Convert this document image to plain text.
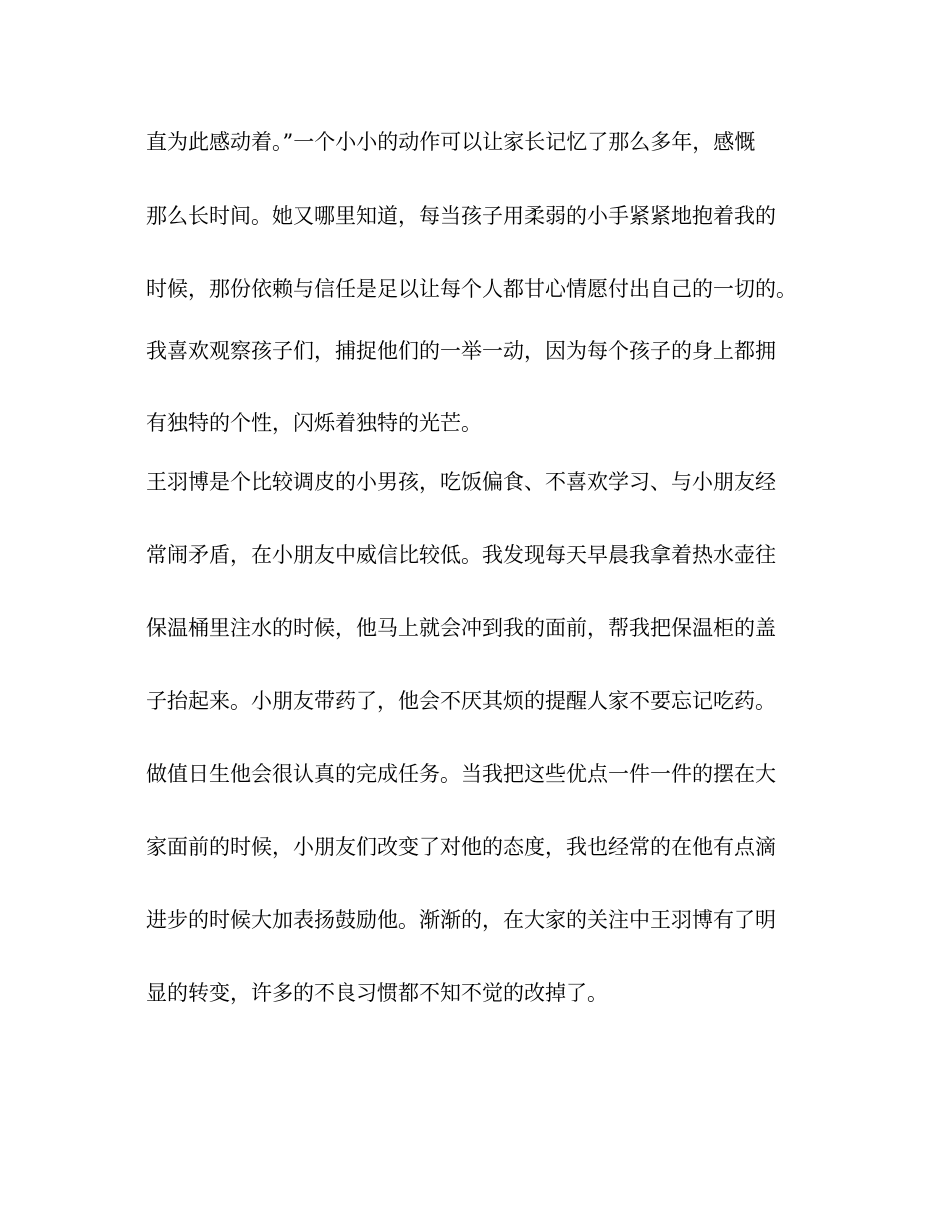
直为此感动着。”一个小小的动作可以让家长记忆了那么多年，感慨

那么长时间。她又哪里知道，每当孩子用柔弱的小手紧紧地抱着我的

时候，那份依赖与信任是足以让每个人都甘心情愿付出自己的一切的。

我喜欢观察孩子们，捕捉他们的一举一动，因为每个孩子的身上都拥

有独特的个性，闪烁着独特的光芒。

王羽博是个比较调皮的小男孩，吃饭偏食、不喜欢学习、与小朋友经

常闹矛盾，在小朋友中威信比较低。我发现每天早晨我拿着热水壶往

保温桶里注水的时候，他马上就会冲到我的面前，帮我把保温柜的盖

子抬起来。小朋友带药了，他会不厌其烦的提醒人家不要忘记吃药。

做值日生他会很认真的完成任务。当我把这些优点一件一件的摆在大

家面前的时候，小朋友们改变了对他的态度，我也经常的在他有点滴

进步的时候大加表扬鼓励他。渐渐的，在大家的关注中王羽博有了明

显的转变，许多的不良习惯都不知不觉的改掉了。
